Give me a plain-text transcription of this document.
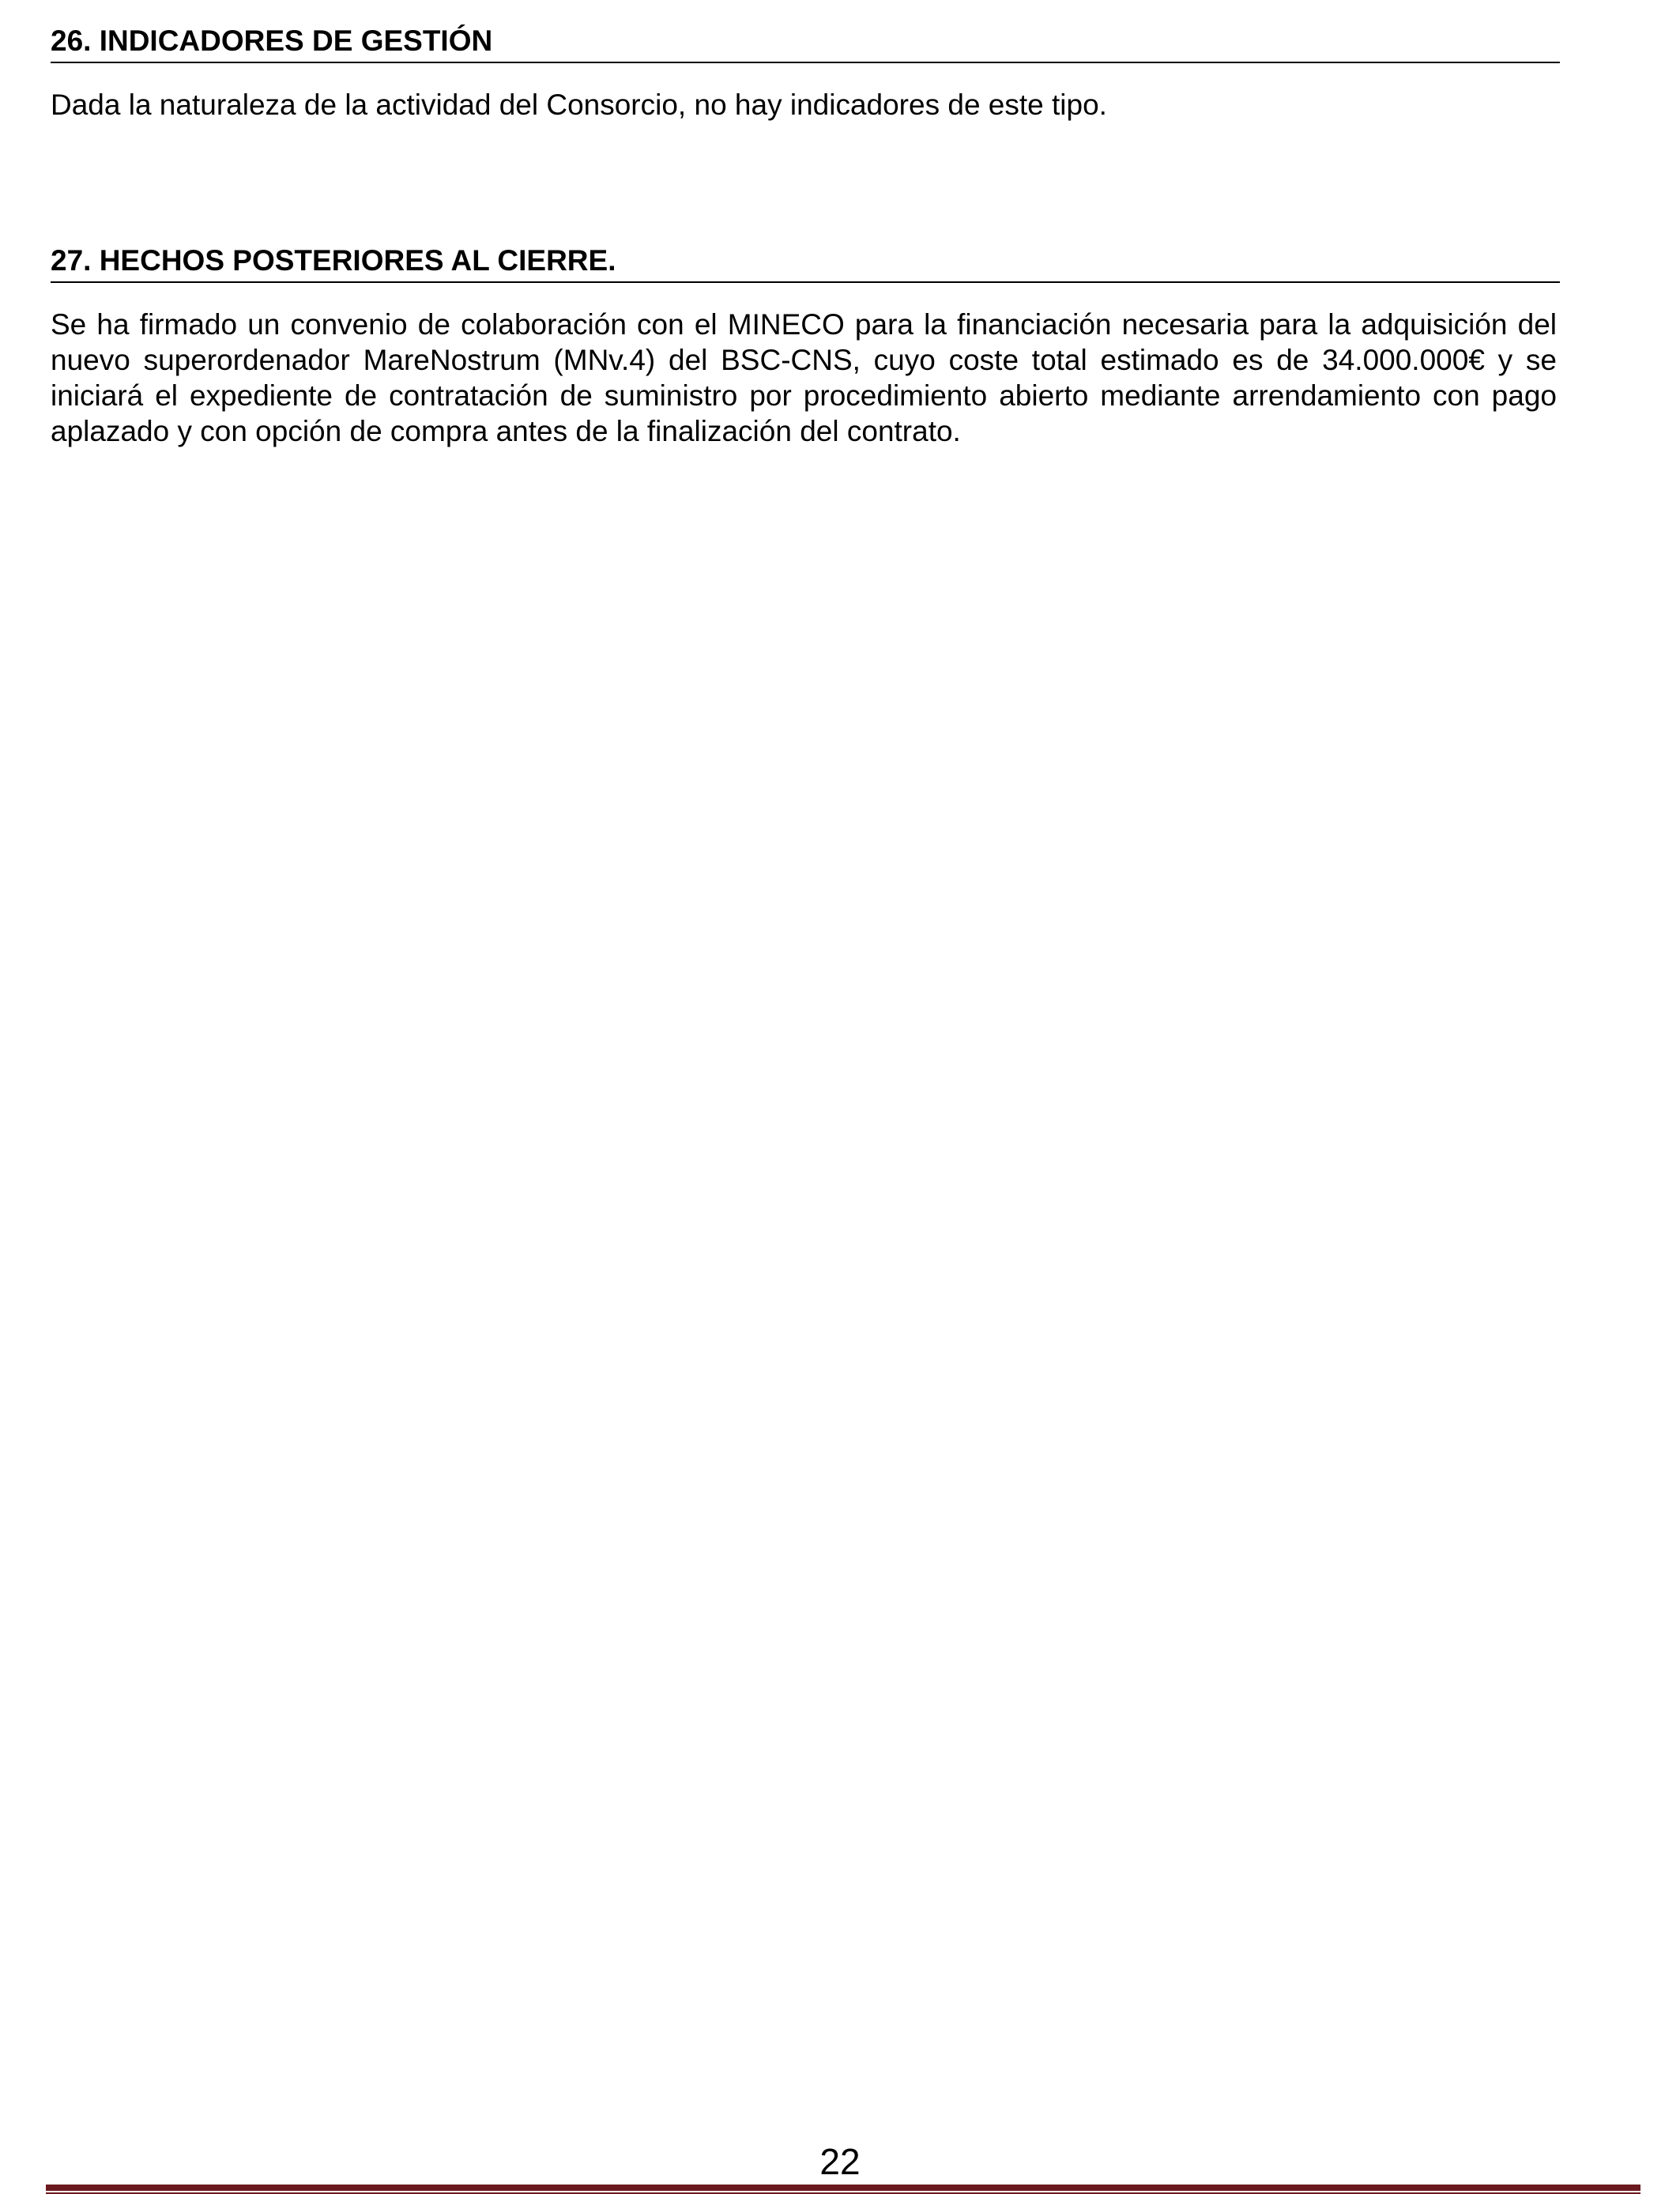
26. INDICADORES DE GESTIÓN

Dada la naturaleza de la actividad del Consorcio, no hay indicadores de este tipo.

27. HECHOS POSTERIORES AL CIERRE.

Se ha firmado un convenio de colaboración con el MINECO para la financiación necesaria para la adquisición del nuevo superordenador MareNostrum (MNv.4) del BSC-CNS, cuyo coste total estimado es de 34.000.000€ y se iniciará el expediente de contratación de suministro por procedimiento abierto mediante arrendamiento con pago aplazado y con opción de compra antes de la finalización del contrato.

22
